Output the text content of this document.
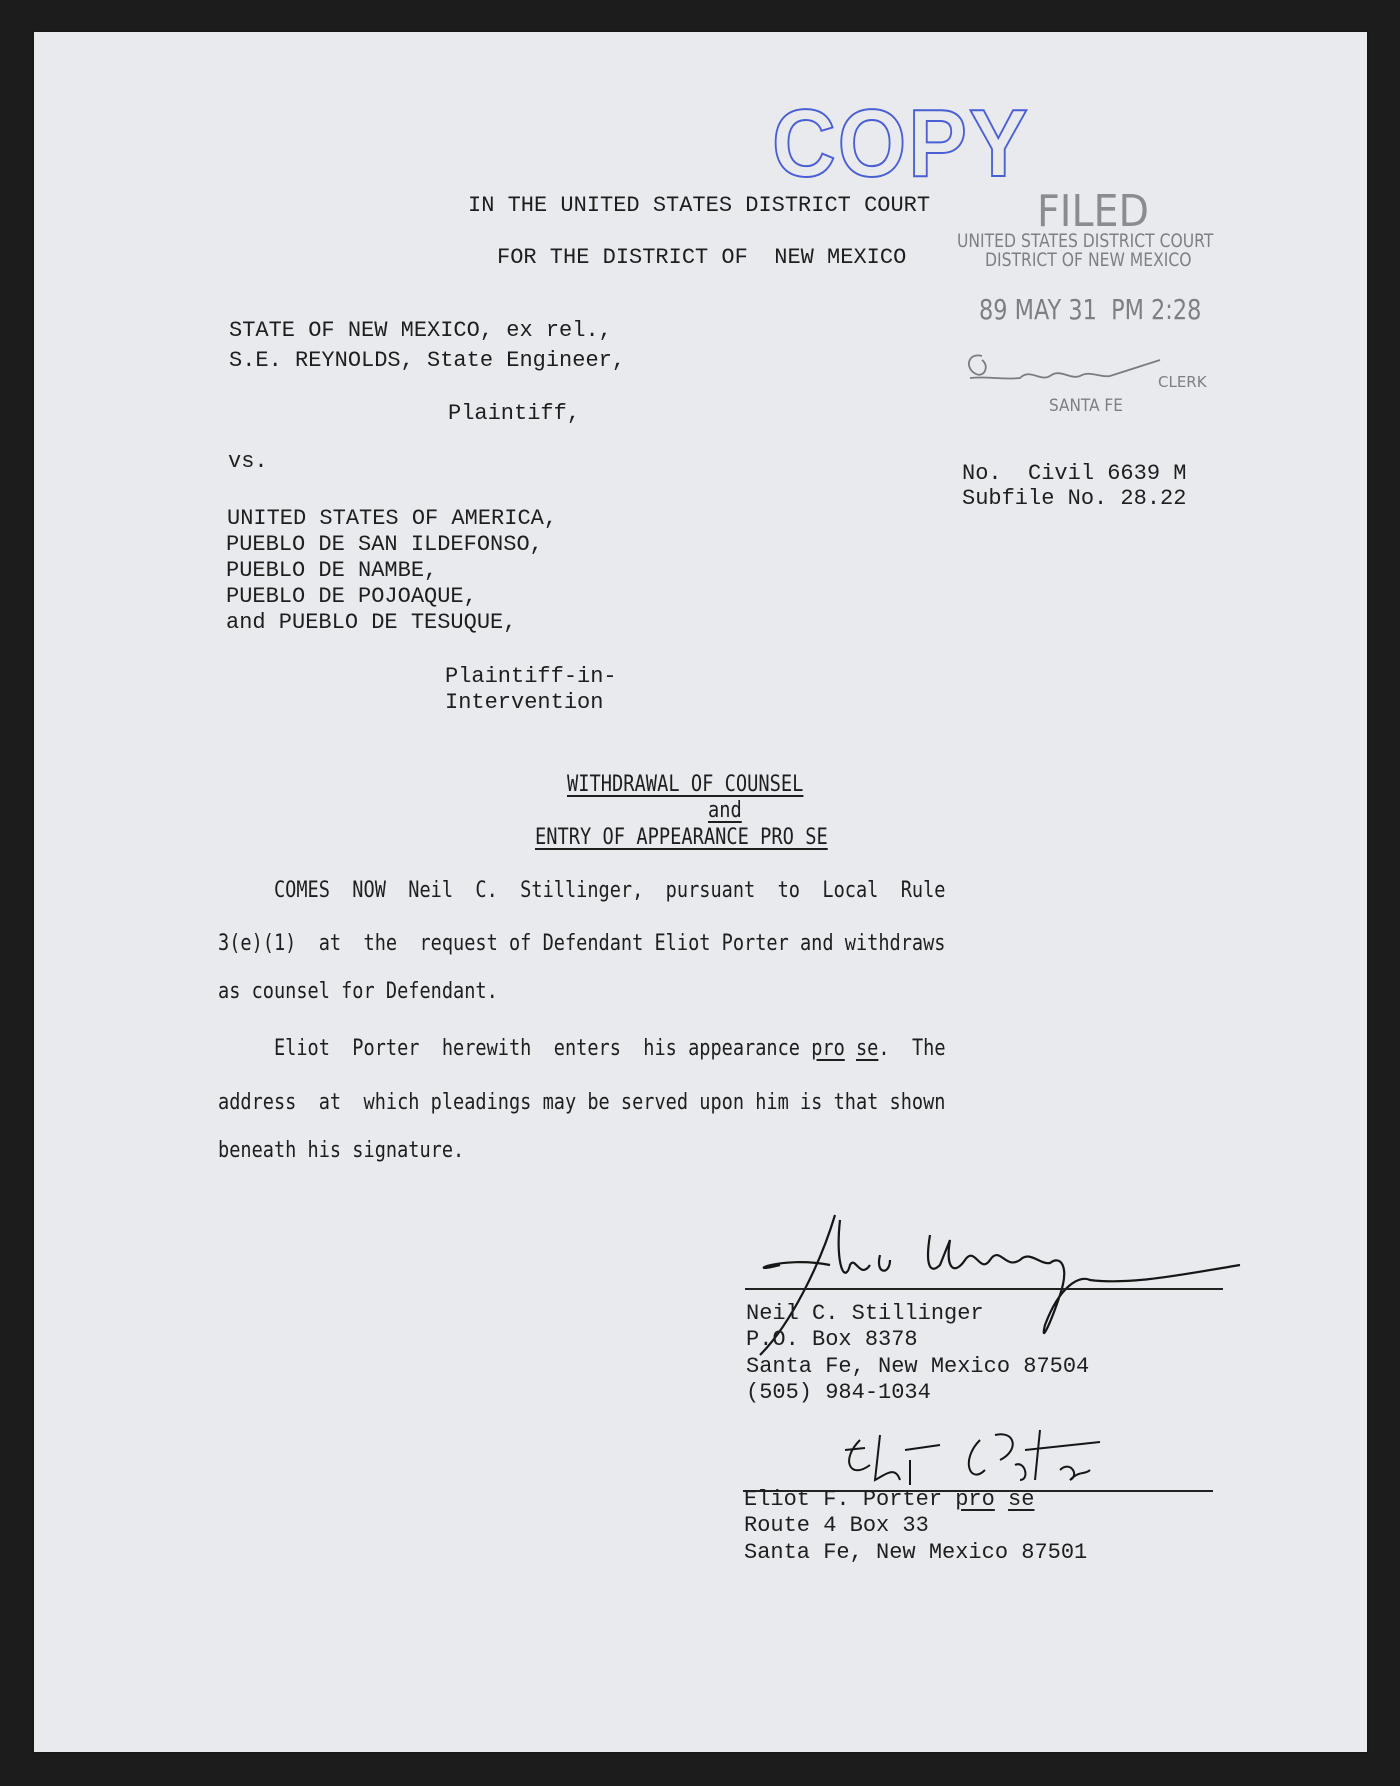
COPY
FILED
UNITED STATES DISTRICT COURT
DISTRICT OF NEW MEXICO
89 MAY 31  PM 2:28
CLERK
SANTA FE
IN THE UNITED STATES DISTRICT COURT
FOR THE DISTRICT OF  NEW MEXICO
STATE OF NEW MEXICO, ex rel.,
S.E. REYNOLDS, State Engineer,
Plaintiff,
vs.	No.  Civil 6639 M
Subfile No. 28.22
UNITED STATES OF AMERICA,
PUEBLO DE SAN ILDEFONSO,
PUEBLO DE NAMBE,
PUEBLO DE POJOAQUE,
and PUEBLO DE TESUQUE,
Plaintiff-in-
Intervention
WITHDRAWAL OF COUNSEL
and
ENTRY OF APPEARANCE PRO SE
COMES  NOW  Neil  C.  Stillinger,  pursuant  to  Local  Rule
3(e)(1)  at  the  request of Defendant Eliot Porter and withdraws
as counsel for Defendant.
Eliot  Porter  herewith  enters  his appearance pro se.  The
address  at  which pleadings may be served upon him is that shown
beneath his signature.
Neil C. Stillinger
P.O. Box 8378
Santa Fe, New Mexico 87504
(505) 984-1034
Eliot F. Porter pro se
Route 4 Box 33
Santa Fe, New Mexico 87501
